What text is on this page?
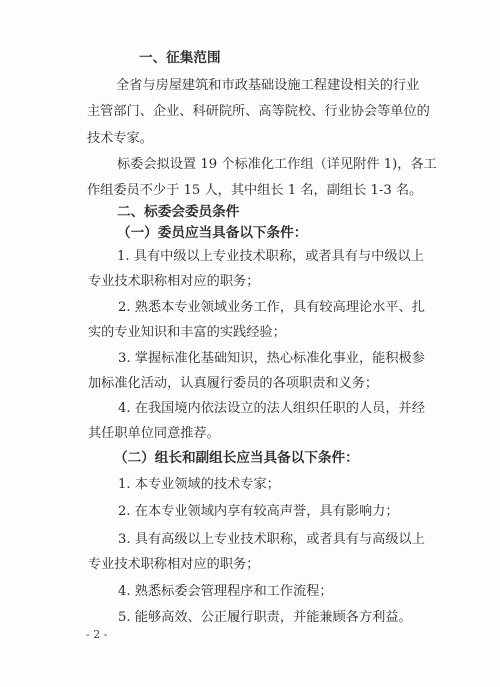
一、征集范围
全省与房屋建筑和市政基础设施工程建设相关的行业
主管部门、企业、科研院所、高等院校、行业协会等单位的
技术专家。
标委会拟设置 19 个标准化工作组（详见附件 1)，各工
作组委员不少于 15 人，其中组长 1 名，副组长 1-3 名。
二、标委会委员条件
（一）委员应当具备以下条件：
1. 具有中级以上专业技术职称，或者具有与中级以上
专业技术职称相对应的职务；
2. 熟悉本专业领域业务工作，具有较高理论水平、扎
实的专业知识和丰富的实践经验；
3. 掌握标准化基础知识，热心标准化事业，能积极参
加标准化活动，认真履行委员的各项职责和义务；
4. 在我国境内依法设立的法人组织任职的人员，并经
其任职单位同意推荐。
（二）组长和副组长应当具备以下条件：
1. 本专业领域的技术专家；
2. 在本专业领域内享有较高声誉，具有影响力；
3. 具有高级以上专业技术职称，或者具有与高级以上
专业技术职称相对应的职务；
4. 熟悉标委会管理程序和工作流程；
5. 能够高效、公正履行职责，并能兼顾各方利益。
- 2 -
